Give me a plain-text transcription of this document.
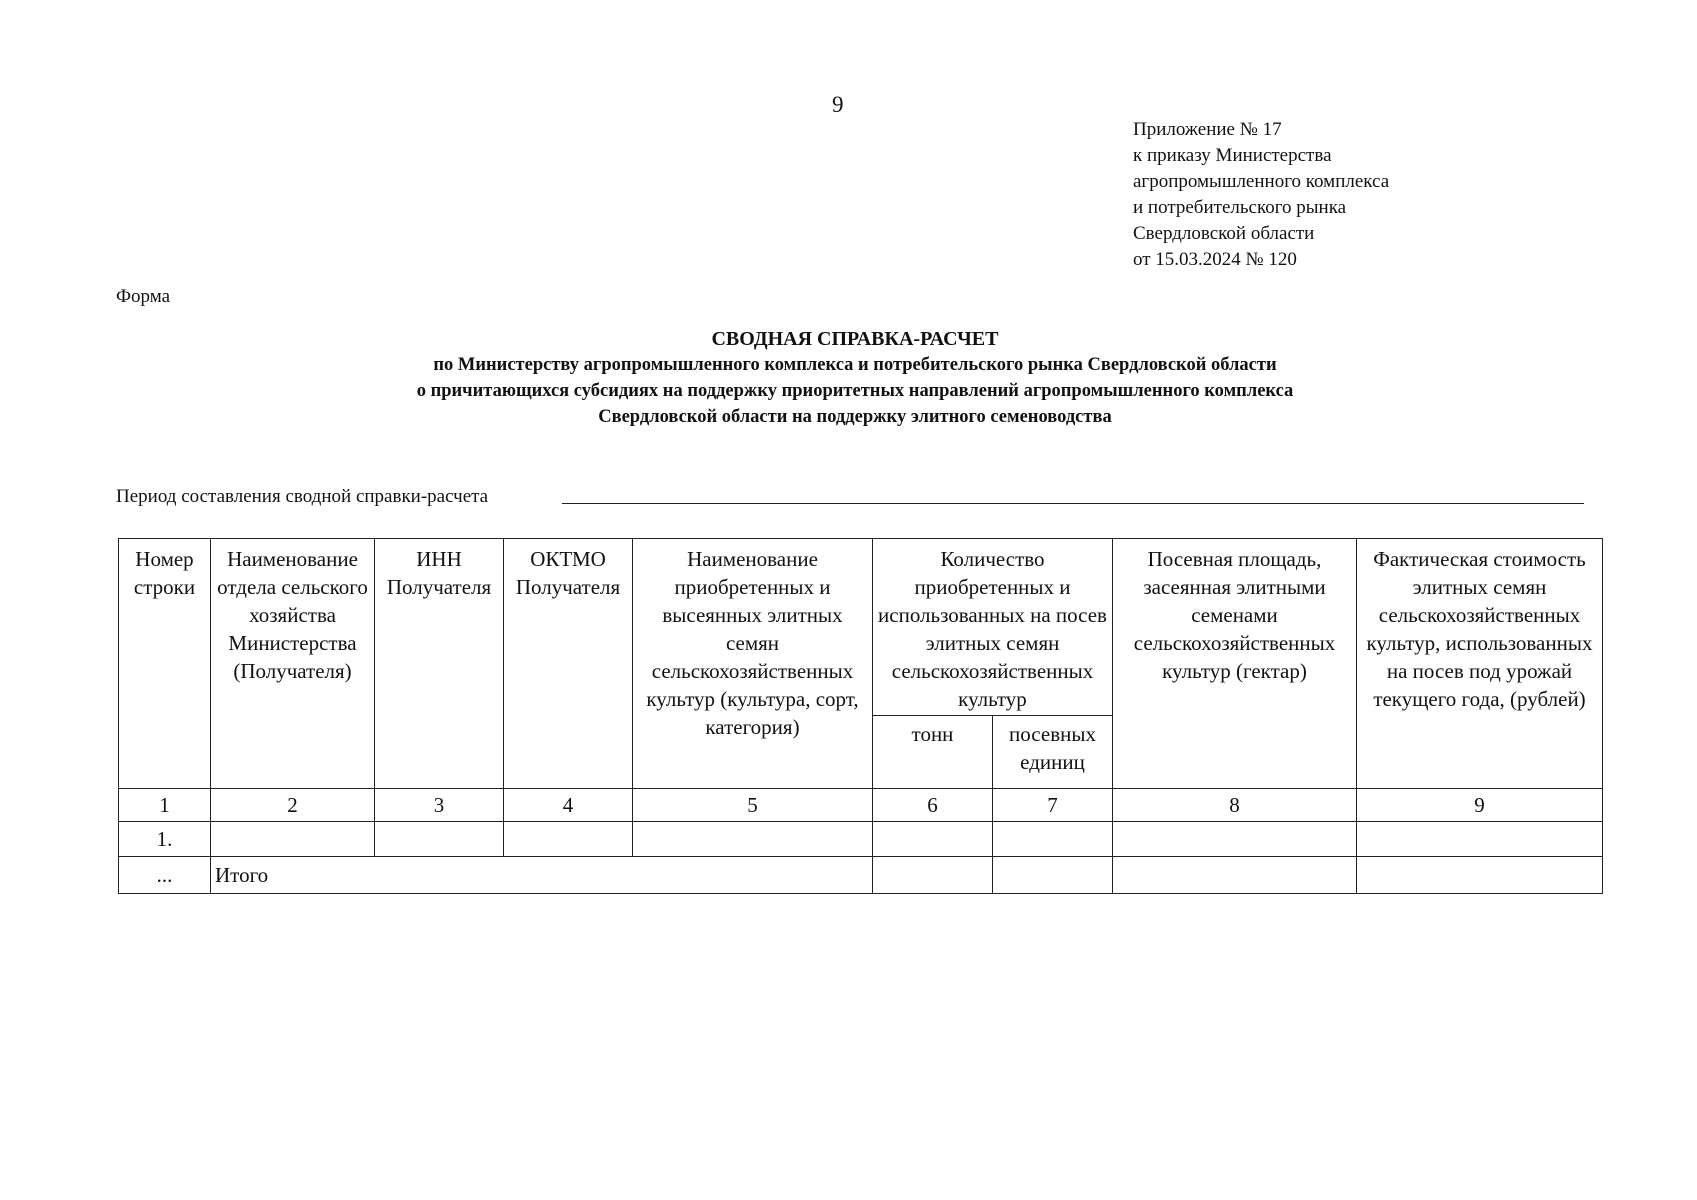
9
Приложение № 17
к приказу Министерства
агропромышленного комплекса
и потребительского рынка
Свердловской области
от 15.03.2024 № 120
Форма
СВОДНАЯ СПРАВКА-РАСЧЕТ
по Министерству агропромышленного комплекса и потребительского рынка Свердловской области
о причитающихся субсидиях на поддержку приоритетных направлений агропромышленного комплекса
Свердловской области на поддержку элитного семеноводства
Период составления сводной справки-расчета
Номер строки	Наименование отдела сельского хозяйства Министерства (Получателя)	ИНН Получателя	ОКТМО Получателя	Наименование приобретенных и высеянных элитных семян сельскохозяйственных культур (культура, сорт, категория)	Количество приобретенных и использованных на посев элитных семян сельскохозяйственных культур		Посевная площадь, засеянная элитными семенами сельскохозяйственных культур (гектар)	Фактическая стоимость элитных семян сельскохозяйственных культур, использованных на посев под урожай текущего года, (рублей)
					тонн	посевных единиц		
1	2	3	4	5	6	7	8	9
1.								
...	Итого							
